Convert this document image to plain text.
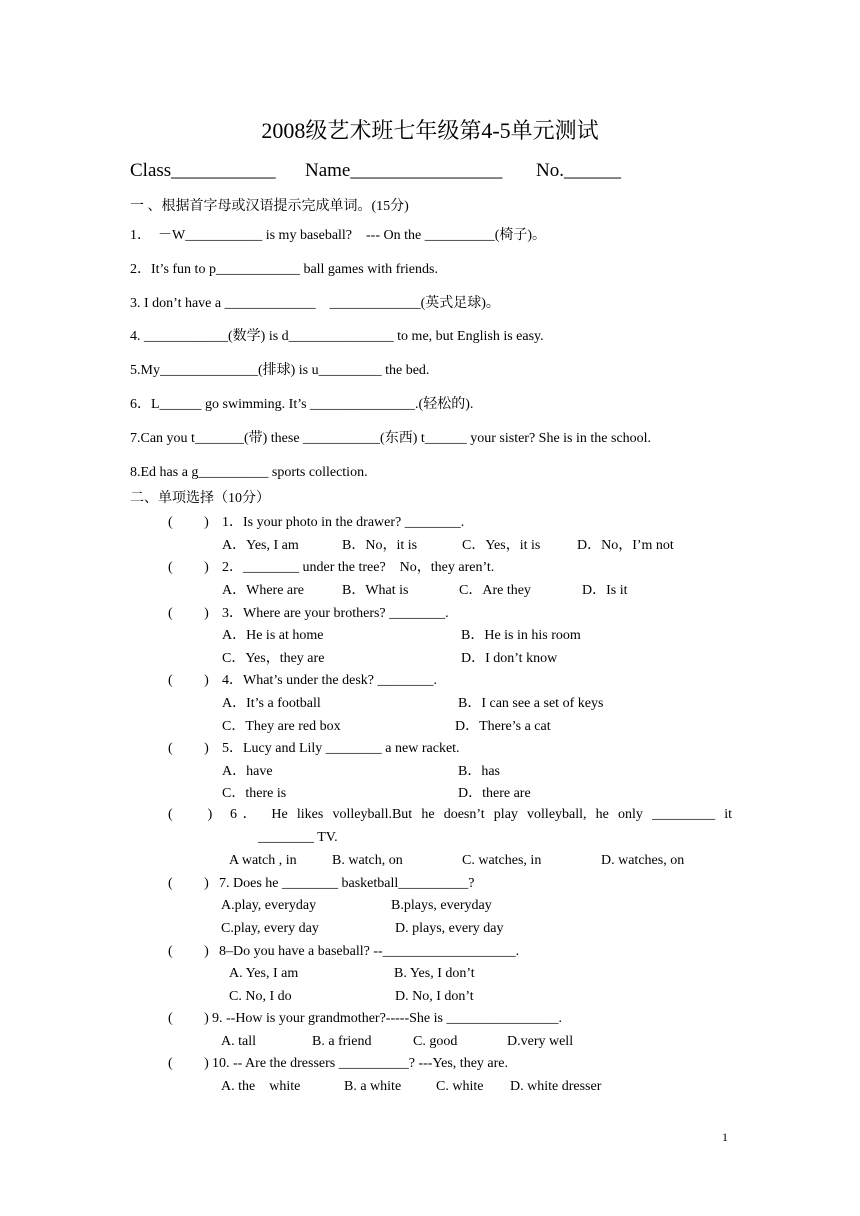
2008级艺术班七年级第4-5单元测试
Class___________ Name________________ No.______
一 、根据首字母或汉语提示完成单词。(15分)
1．  －W___________ is my baseball?    --- On the __________(椅子)。
2．It’s fun to p____________ ball games with friends.
3. I don’t have a _____________    _____________(英式足球)。
4. ____________(数学) is d_______________ to me, but English is easy.
5.My______________(排球) is u_________ the bed.
6．L______ go swimming. It’s _______________.(轻松的).
7.Can you t_______(带) these ___________(东西) t______ your sister? She is in the school.
8.Ed has a g__________ sports collection.
二、单项选择（10分）
(         ) 1．Is your photo in the drawer? ________.
A．Yes, I am	B．No，it is	C．Yes，it is	D．No，I’m not
(         ) 2．________ under the tree?    No，they aren’t.
A．Where are	B．What is	C．Are they	D．Is it
(         ) 3．Where are your brothers? ________.
A．He is at home	B．He is in his room
C．Yes，they are	D．I don’t know
(         ) 4．What’s under the desk? ________.
A．It’s a football	B．I can see a set of keys
C．They are red box	D．There’s a cat
(         ) 5．Lucy and Lily ________ a new racket.
A．have	B．has
C．there is	D．there are
(          ) 6． He likes volleyball.But he doesn’t play volleyball, he only _________ it
________ TV.
A watch , in	B. watch, on	C. watches, in	D. watches, on
(         ) 7. Does he ________ basketball__________?
A.play, everyday	B.plays, everyday
C.play, every day	D. plays, every day
(         ) 8–Do you have a baseball? --___________________.
A. Yes, I am	B. Yes, I don’t
C. No, I do	D. No, I don’t
(         ) 9. --How is your grandmother?-----She is ________________.
A. tall	B. a friend	C. good	D.very well
(         ) 10. -- Are the dressers __________? ---Yes, they are.
A. the    white	B. a white C. white D. white dresser
1
